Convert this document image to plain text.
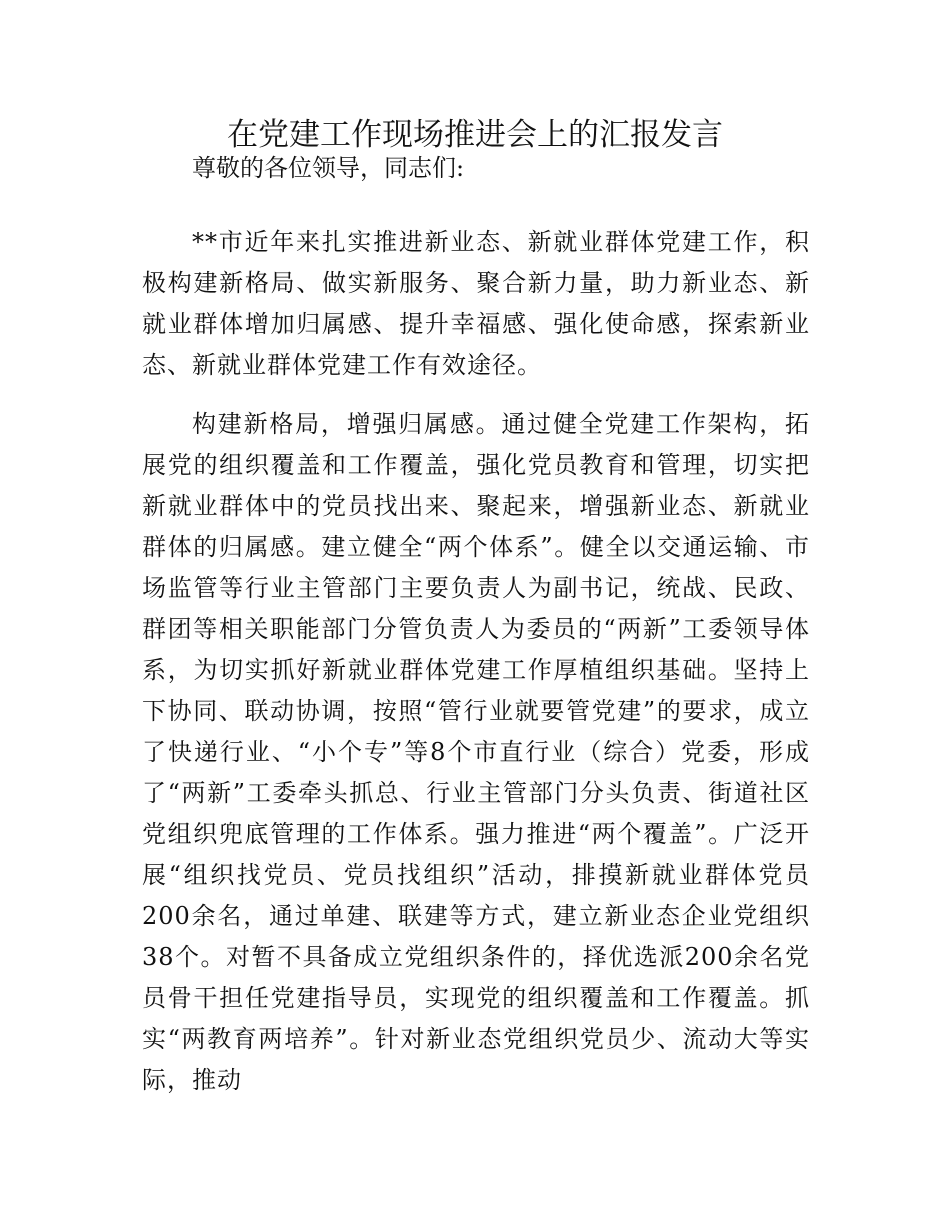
在党建工作现场推进会上的汇报发言

尊敬的各位领导，同志们:

**市近年来扎实推进新业态、新就业群体党建工作，积极构建新格局、做实新服务、聚合新力量，助力新业态、新就业群体增加归属感、提升幸福感、强化使命感，探索新业态、新就业群体党建工作有效途径。

构建新格局，增强归属感。通过健全党建工作架构，拓展党的组织覆盖和工作覆盖，强化党员教育和管理，切实把新就业群体中的党员找出来、聚起来，增强新业态、新就业群体的归属感。建立健全“两个体系”。健全以交通运输、市场监管等行业主管部门主要负责人为副书记，统战、民政、群团等相关职能部门分管负责人为委员的“两新”工委领导体系，为切实抓好新就业群体党建工作厚植组织基础。坚持上下协同、联动协调，按照“管行业就要管党建”的要求，成立了快递行业、“小个专”等8个市直行业（综合）党委，形成了“两新”工委牵头抓总、行业主管部门分头负责、街道社区党组织兜底管理的工作体系。强力推进“两个覆盖”。广泛开展“组织找党员、党员找组织”活动，排摸新就业群体党员200余名，通过单建、联建等方式，建立新业态企业党组织38个。对暂不具备成立党组织条件的，择优选派200余名党员骨干担任党建指导员，实现党的组织覆盖和工作覆盖。抓实“两教育两培养”。针对新业态党组织党员少、流动大等实际，推动
